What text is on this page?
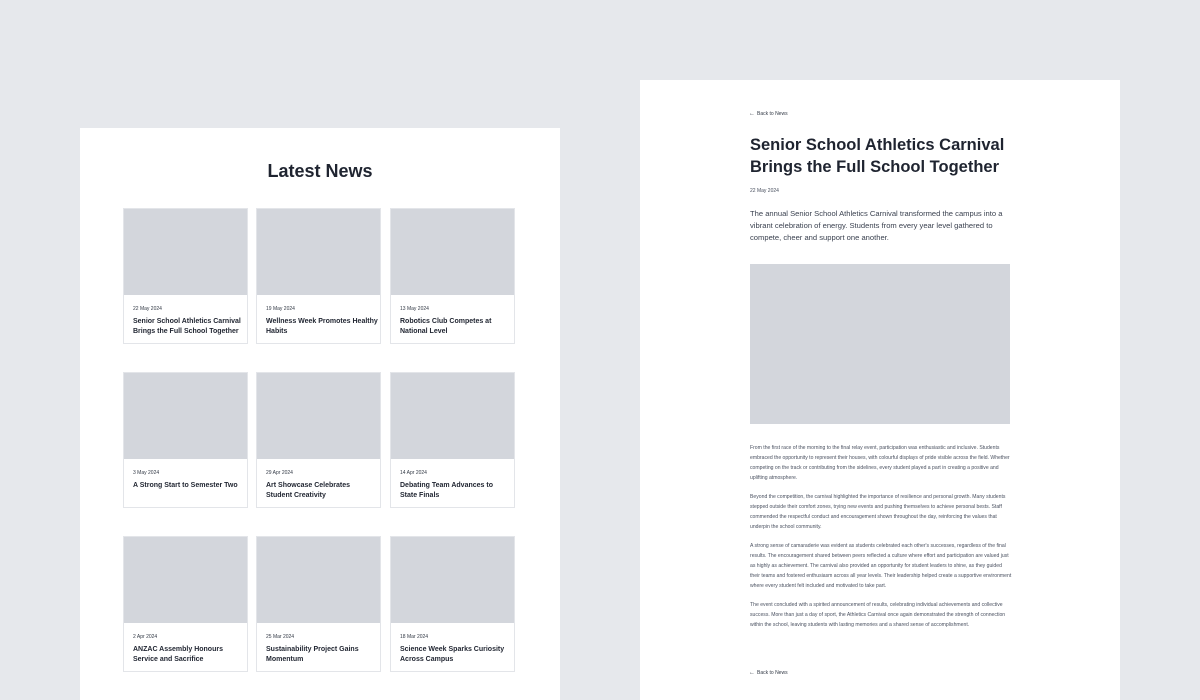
Latest News
22 May 2024
Senior School Athletics Carnival Brings the Full School Together
19 May 2024
Wellness Week Promotes Healthy Habits
13 May 2024
Robotics Club Competes at National Level
3 May 2024
A Strong Start to Semester Two
29 Apr 2024
Art Showcase Celebrates Student Creativity
14 Apr 2024
Debating Team Advances to State Finals
2 Apr 2024
ANZAC Assembly Honours Service and Sacrifice
25 Mar 2024
Sustainability Project Gains Momentum
18 Mar 2024
Science Week Sparks Curiosity Across Campus
← Back to News
Senior School Athletics Carnival Brings the Full School Together
22 May 2024

The annual Senior School Athletics Carnival transformed the campus into a vibrant celebration of energy. Students from every year level gathered to compete, cheer and support one another.

From the first race of the morning to the final relay event, participation was enthusiastic and inclusive. Students embraced the opportunity to represent their houses, with colourful displays of pride visible across the field. Whether competing on the track or contributing from the sidelines, every student played a part in creating a positive and uplifting atmosphere.

Beyond the competition, the carnival highlighted the importance of resilience and personal growth. Many students stepped outside their comfort zones, trying new events and pushing themselves to achieve personal bests. Staff commended the respectful conduct and encouragement shown throughout the day, reinforcing the values that underpin the school community.

A strong sense of camaraderie was evident as students celebrated each other's successes, regardless of the final results. The encouragement shared between peers reflected a culture where effort and participation are valued just as highly as achievement. The carnival also provided an opportunity for student leaders to shine, as they guided their teams and fostered enthusiasm across all year levels. Their leadership helped create a supportive environment where every student felt included and motivated to take part.

The event concluded with a spirited announcement of results, celebrating individual achievements and collective success. More than just a day of sport, the Athletics Carnival once again demonstrated the strength of connection within the school, leaving students with lasting memories and a shared sense of accomplishment.

← Back to News
